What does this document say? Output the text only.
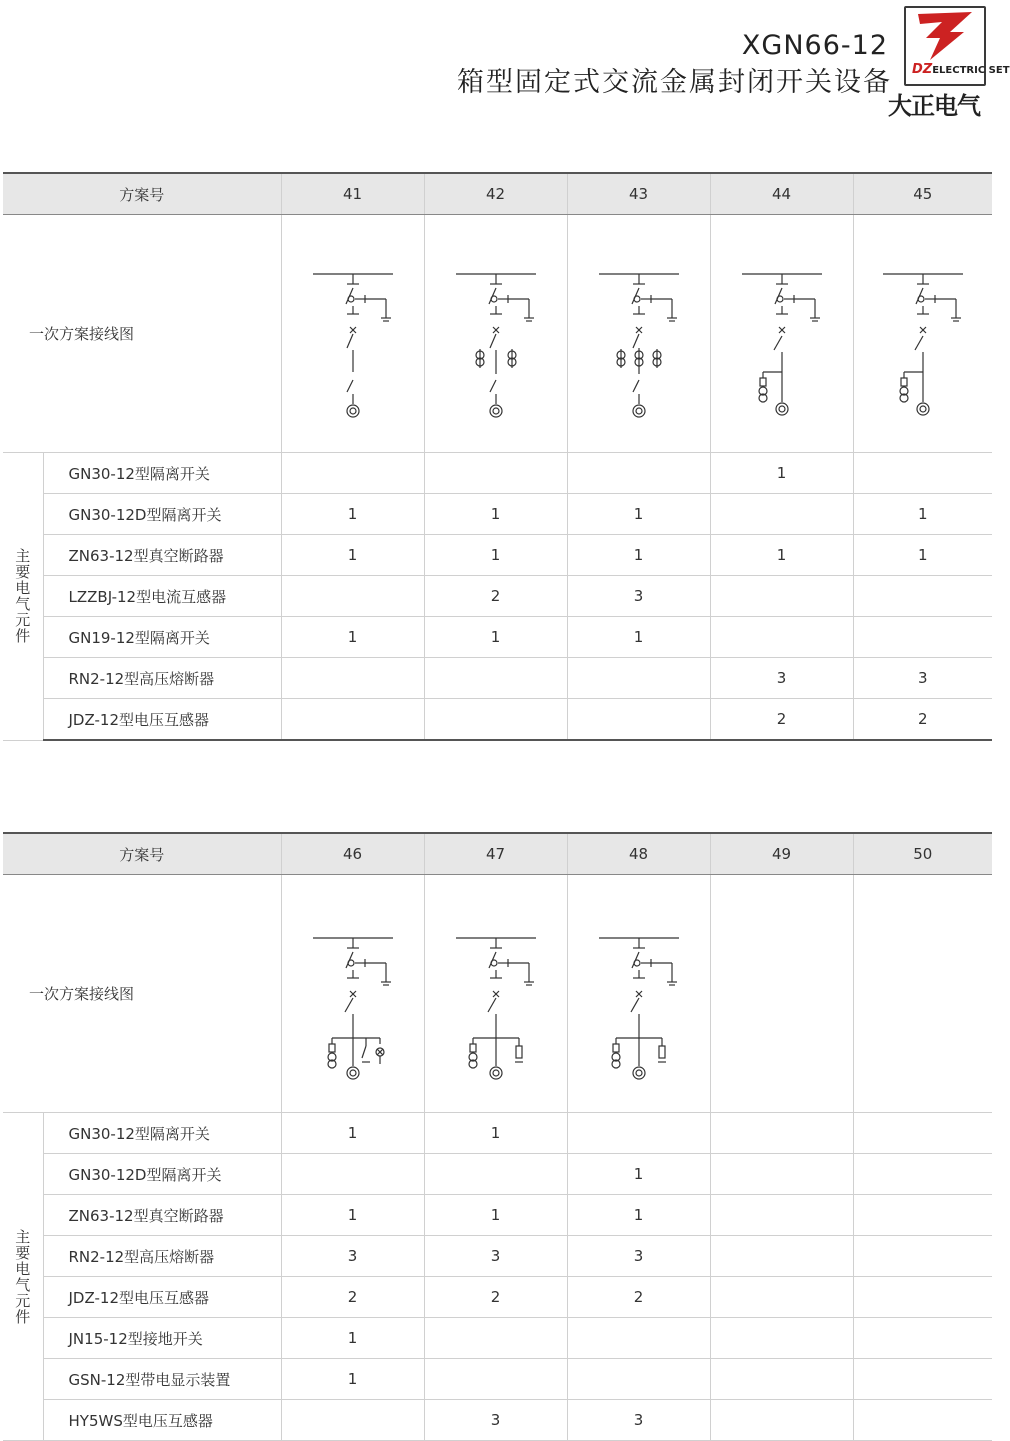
XGN66-12
箱型固定式交流金属封闭开关设备 DZELECTRIC SET
大正电气
方案号		41	42	43	44	45
一次方案接线图	

主要电气元件	GN30-12型隔离开关				1	
	GN30-12D型隔离开关	1	1	1		1
	ZN63-12型真空断路器	1	1	1	1	1
	LZZBJ-12型电流互感器		2	3		
	GN19-12型隔离开关	1	1	1		
	RN2-12型高压熔断器				3	3
	JDZ-12型电压互感器				2	2
方案号		46	47	48	49	50
一次方案接线图	

主要电气元件	GN30-12型隔离开关	1	1			
	GN30-12D型隔离开关			1		
	ZN63-12型真空断路器	1	1	1		
	RN2-12型高压熔断器	3	3	3		
	JDZ-12型电压互感器	2	2	2		
	JN15-12型接地开关	1				
	GSN-12型带电显示装置	1				
	HY5WS型电压互感器		3	3		
